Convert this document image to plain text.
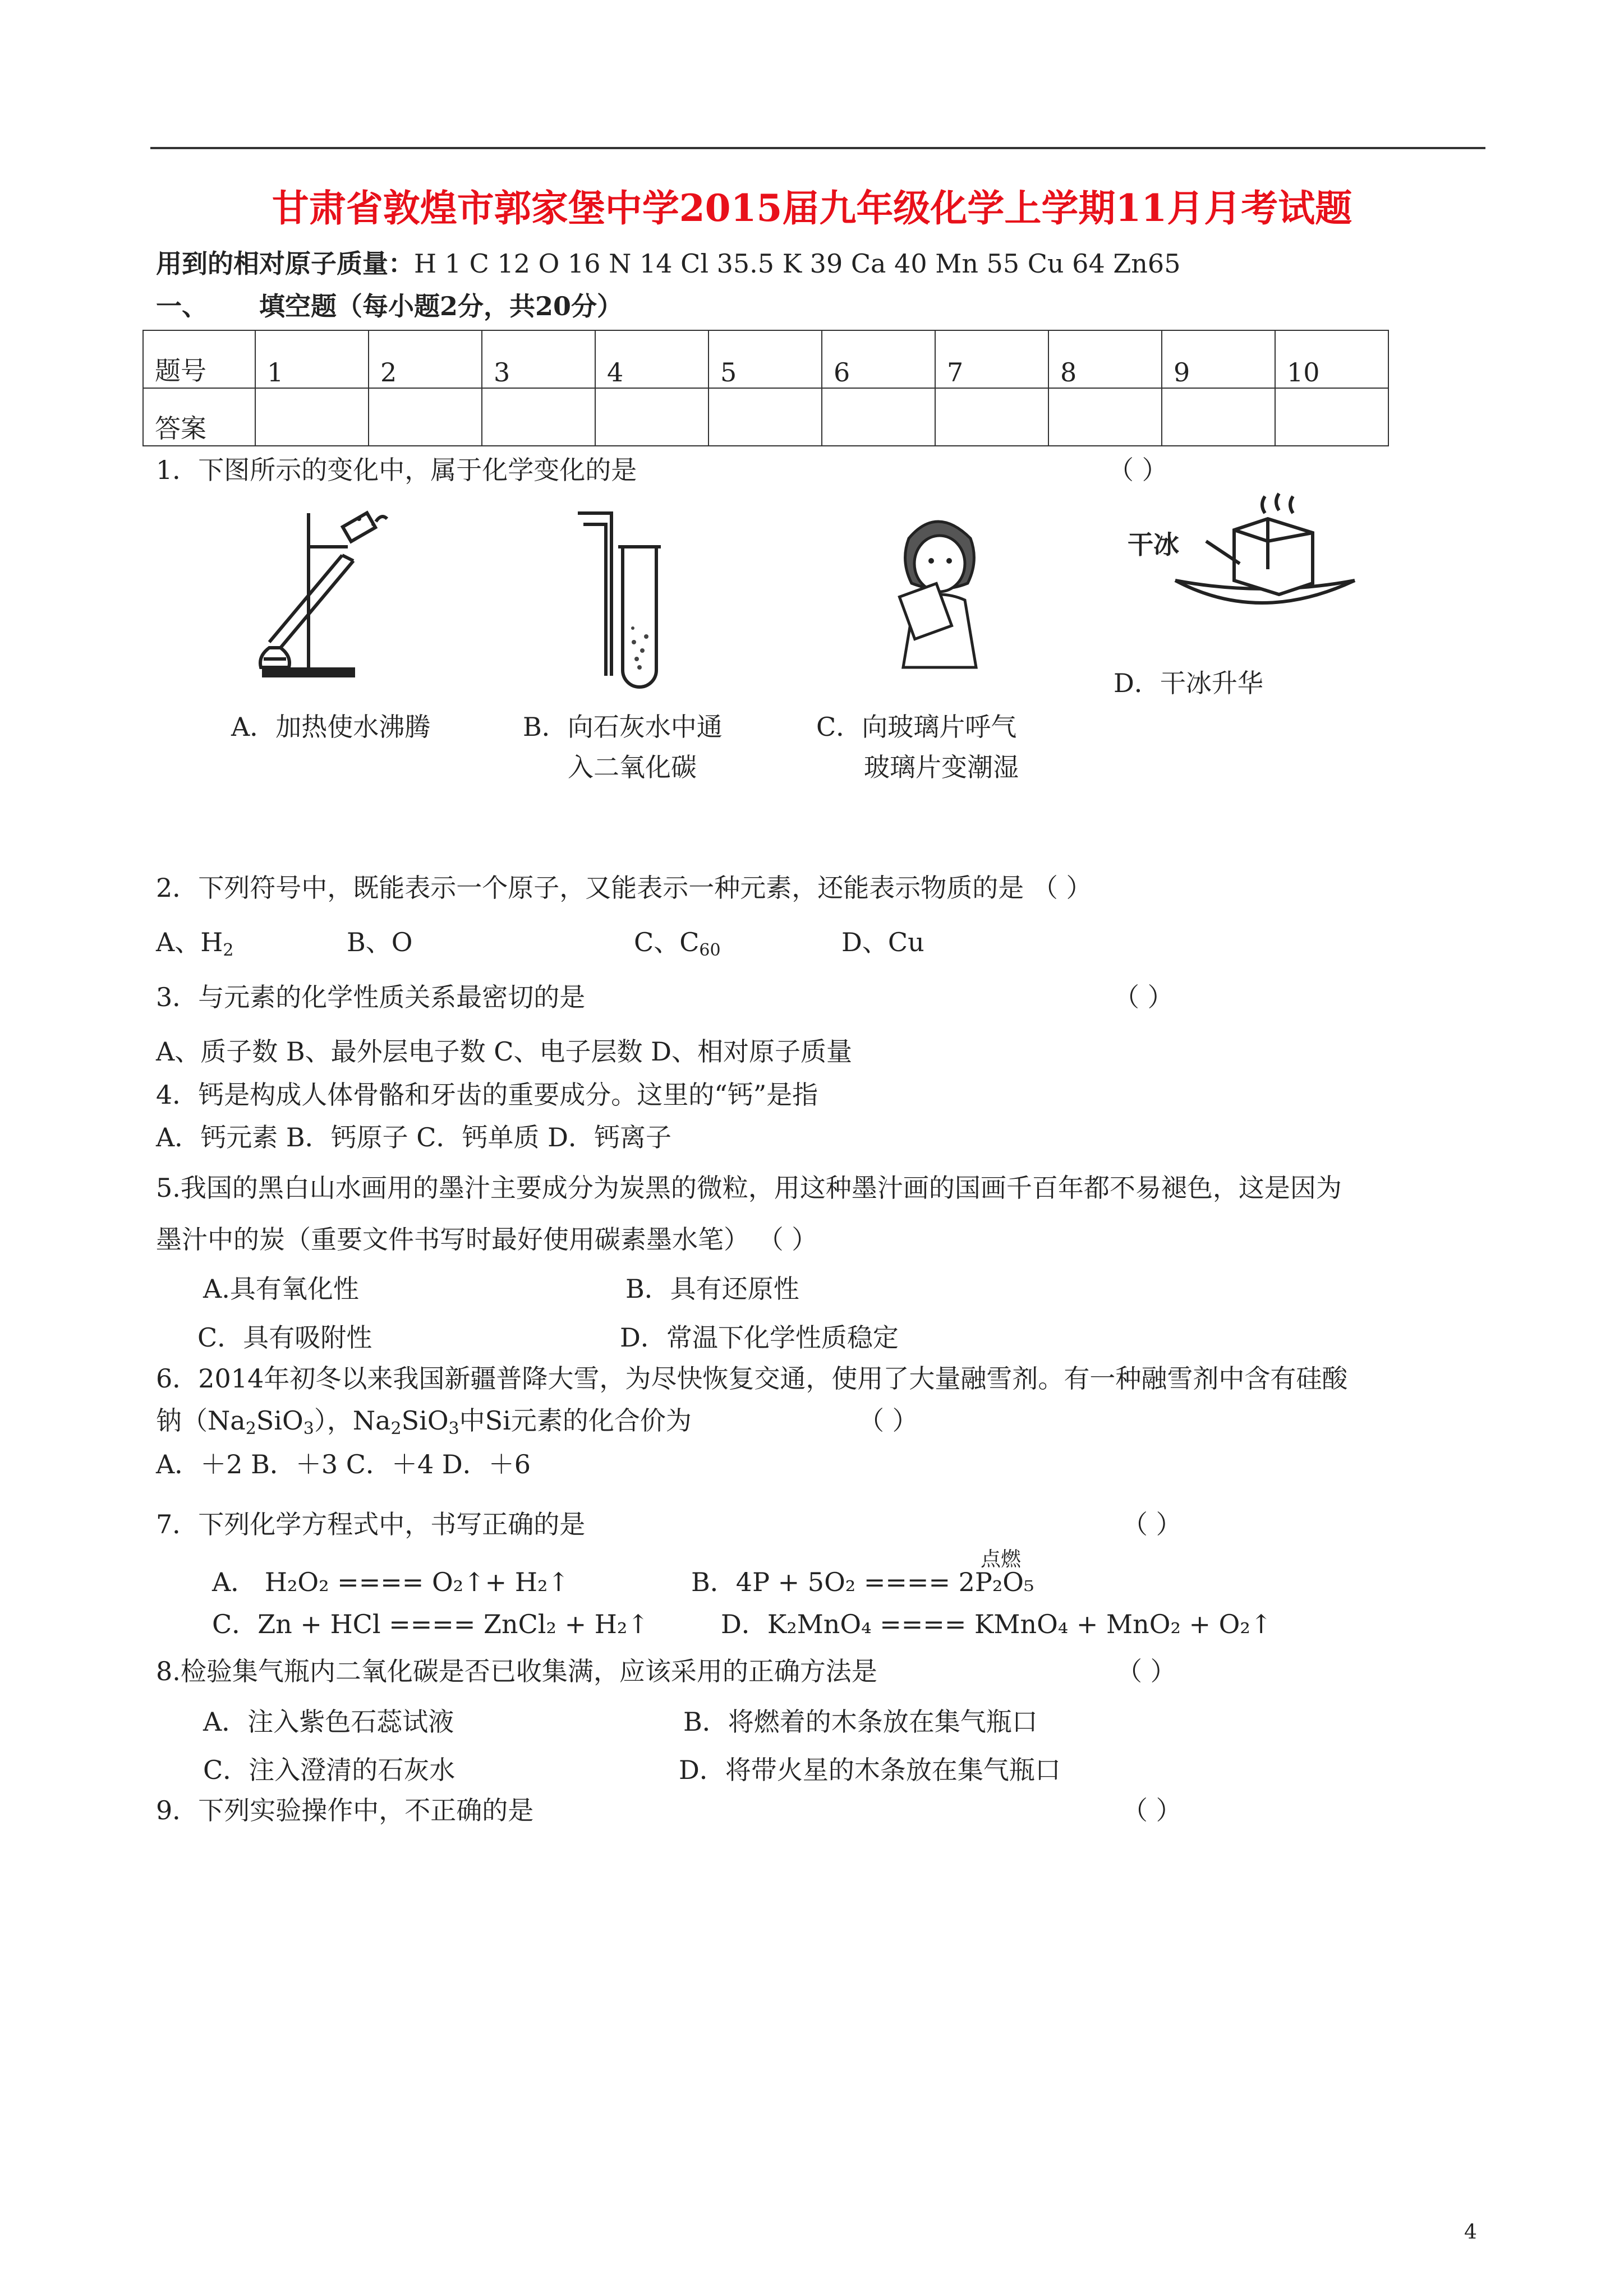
甘肃省敦煌市郭家堡中学2015届九年级化学上学期11月月考试题
用到的相对原子质量：H 1 C 12 O 16 N 14 Cl 35.5 K 39 Ca 40 Mn 55 Cu 64 Zn65
一、 填空题（每小题2分，共20分）
题号	1	2	3	4	5	6	7	8	9	10
答案										
1．下图所示的变化中，属于化学变化的是	（ ）
干冰
D．干冰升华
A．加热使水沸腾	B．向石灰水中通
入二氧化碳
C．向玻璃片呼气
玻璃片变潮湿
2．下列符号中，既能表示一个原子，又能表示一种元素，还能表示物质的是 （ ）
A、$H_2$	B、O	C、$C_{60}$	D、Cu
3．与元素的化学性质关系最密切的是	（ ）
A、质子数 B、最外层电子数 C、电子层数 D、相对原子质量
4．钙是构成人体骨骼和牙齿的重要成分。这里的“钙”是指
A．钙元素 B．钙原子 C．钙单质 D．钙离子
5.我国的黑白山水画用的墨汁主要成分为炭黑的微粒，用这种墨汁画的国画千百年都不易褪色，这是因为
墨汁中的炭（重要文件书写时最好使用碳素墨水笔） （ ）
A.具有氧化性	B．具有还原性
C．具有吸附性	D．常温下化学性质稳定
6．2014年初冬以来我国新疆普降大雪，为尽快恢复交通，使用了大量融雪剂。有一种融雪剂中含有硅酸
钠$(Na_2SiO_3)$，$Na_2SiO_3$中Si元素的化合价为	（ ）
A．＋2 B．＋3 C．＋4 D．＋6
7．下列化学方程式中，书写正确的是	（ ）
点燃
A． H₂O₂ ==== O₂↑+ H₂↑	B．4P + 5O₂ ==== 2P₂O₅
C．Zn + HCl ==== ZnCl₂ + H₂↑	D．K₂MnO₄ ==== KMnO₄ + MnO₂ + O₂↑
8.检验集气瓶内二氧化碳是否已收集满，应该采用的正确方法是	（ ）
A．注入紫色石蕊试液	B．将燃着的木条放在集气瓶口
C．注入澄清的石灰水	D．将带火星的木条放在集气瓶口
9．下列实验操作中，不正确的是	（ ）
4
